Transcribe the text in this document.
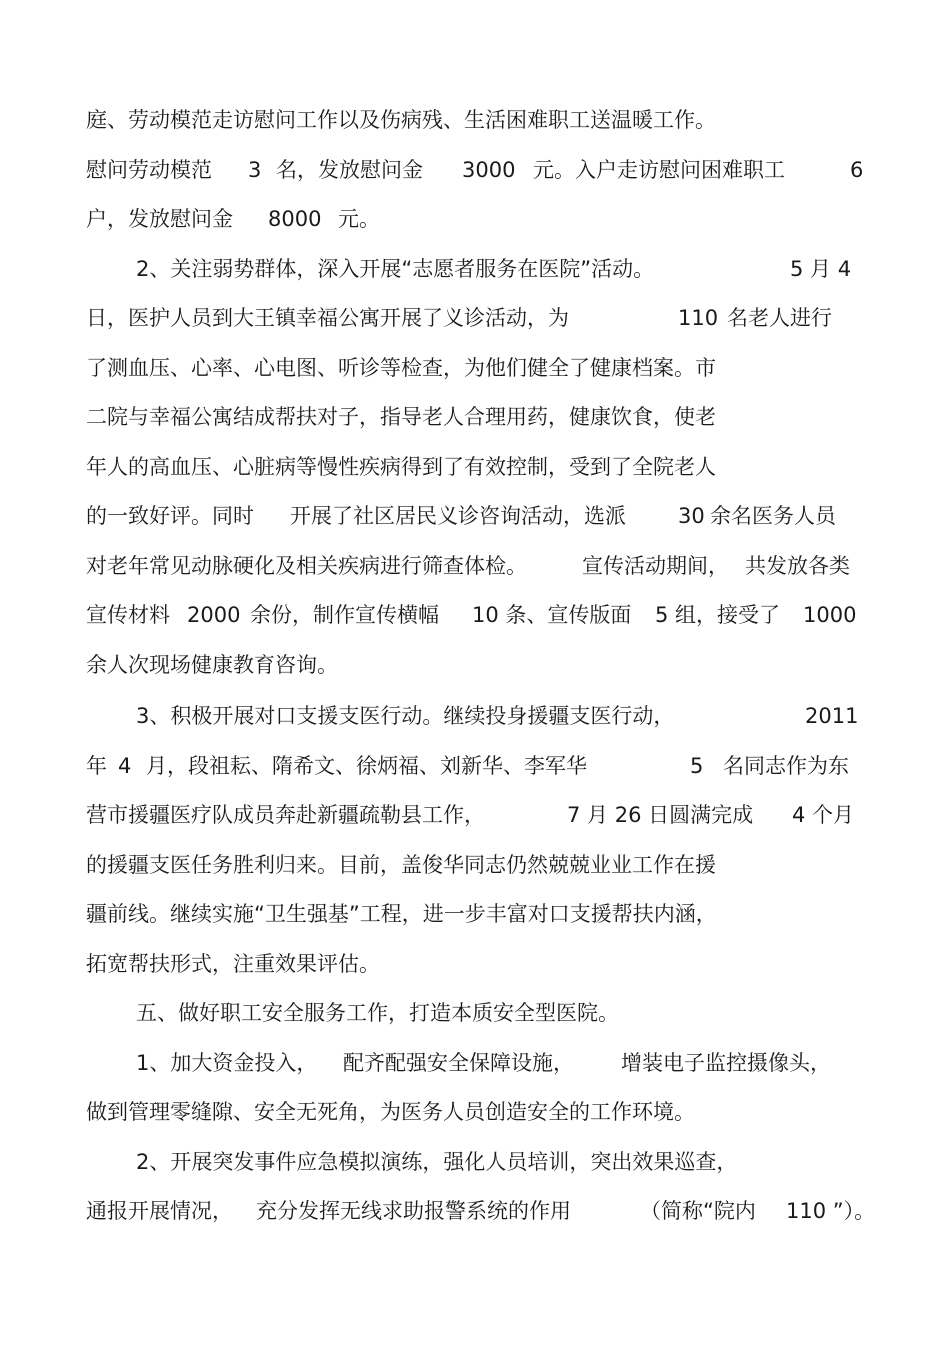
庭、劳动模范走访慰问工作以及伤病残、生活困难职工送温暖工作。
慰问劳动模范 3 名，发放慰问金 3000 元。入户走访慰问困难职工	6
户，发放慰问金 8000 元。
2、关注弱势群体，深入开展“志愿者服务在医院”活动。	5 月 4
日，医护人员到大王镇幸福公寓开展了义诊活动，为	110 名老人进行
了测血压、心率、心电图、听诊等检查，为他们健全了健康档案。市
二院与幸福公寓结成帮扶对子，指导老人合理用药，健康饮食，使老
年人的高血压、心脏病等慢性疾病得到了有效控制，受到了全院老人
的一致好评。同时 开展了社区居民义诊咨询活动，选派 30 余名医务人员
对老年常见动脉硬化及相关疾病进行筛查体检。	宣传活动期间， 共发放各类
宣传材料 2000 余份，制作宣传横幅 10 条、宣传版面 5 组，接受了 1000
余人次现场健康教育咨询。
3、积极开展对口支援支医行动。继续投身援疆支医行动，	2011
年 4 月，段祖耘、隋希文、徐炳福、刘新华、李军华	5 名同志作为东
营市援疆医疗队成员奔赴新疆疏勒县工作，	7 月 26 日圆满完成 4 个月
的援疆支医任务胜利归来。目前，盖俊华同志仍然兢兢业业工作在援
疆前线。继续实施“卫生强基”工程，进一步丰富对口支援帮扶内涵，
拓宽帮扶形式，注重效果评估。
五、做好职工安全服务工作，打造本质安全型医院。
1、加大资金投入， 配齐配强安全保障设施， 增装电子监控摄像头，
做到管理零缝隙、安全无死角，为医务人员创造安全的工作环境。
2、开展突发事件应急模拟演练，强化人员培训，突出效果巡查，
通报开展情况， 充分发挥无线求助报警系统的作用	（简称“院内 110 ”）。
